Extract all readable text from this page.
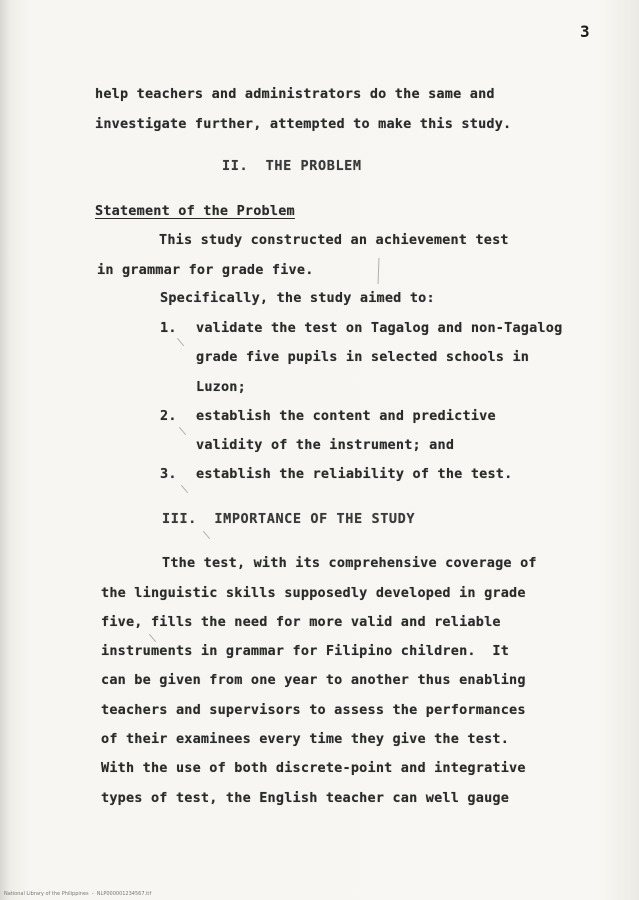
3
help teachers and administrators do the same and
investigate further, attempted to make this study.
II.  THE PROBLEM
Statement of the Problem
This study constructed an achievement test
in grammar for grade five.
Specifically, the study aimed to:
1. validate the test on Tagalog and non-Tagalog
grade five pupils in selected schools in
Luzon;
2. establish the content and predictive
validity of the instrument; and
3. establish the reliability of the test.
III.  IMPORTANCE OF THE STUDY
Tthe test, with its comprehensive coverage of
the linguistic skills supposedly developed in grade
five, fills the need for more valid and reliable
instruments in grammar for Filipino children.  It
can be given from one year to another thus enabling
teachers and supervisors to assess the performances
of their examinees every time they give the test.
With the use of both discrete-point and integrative
types of test, the English teacher can well gauge
National Library of the Philippines  -  NLP000001234567.tif
